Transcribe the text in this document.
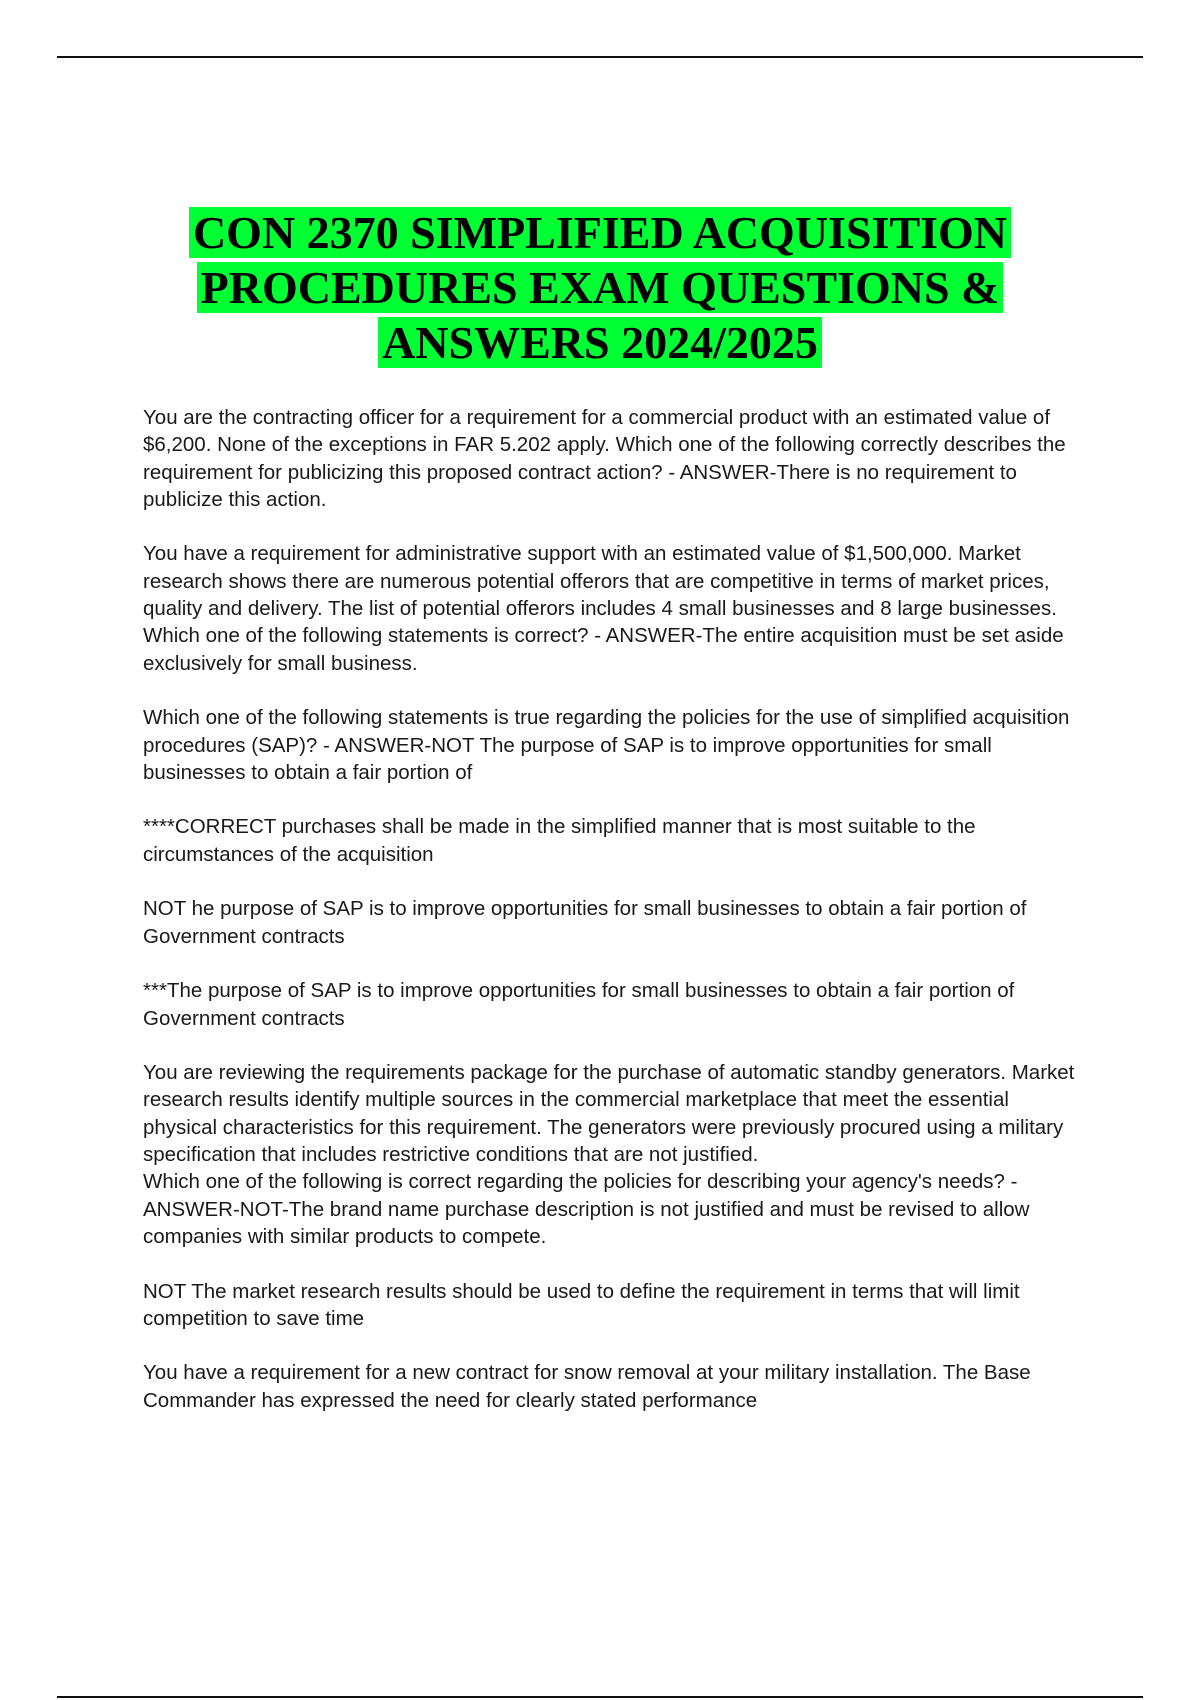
CON 2370 SIMPLIFIED ACQUISITION
PROCEDURES EXAM QUESTIONS &
ANSWERS 2024/2025

You are the contracting officer for a requirement for a commercial product with an estimated value of $6,200. None of the exceptions in FAR 5.202 apply. Which one of the following correctly describes the requirement for publicizing this proposed contract action? - ANSWER-There is no requirement to publicize this action.

You have a requirement for administrative support with an estimated value of $1,500,000. Market research shows there are numerous potential offerors that are competitive in terms of market prices, quality and delivery. The list of potential offerors includes 4 small businesses and 8 large businesses. Which one of the following statements is correct? - ANSWER-The entire acquisition must be set aside exclusively for small business.

Which one of the following statements is true regarding the policies for the use of simplified acquisition procedures (SAP)? - ANSWER-NOT The purpose of SAP is to improve opportunities for small businesses to obtain a fair portion of

****CORRECT purchases shall be made in the simplified manner that is most suitable to the circumstances of the acquisition

NOT he purpose of SAP is to improve opportunities for small businesses to obtain a fair portion of Government contracts

***The purpose of SAP is to improve opportunities for small businesses to obtain a fair portion of Government contracts

You are reviewing the requirements package for the purchase of automatic standby generators. Market research results identify multiple sources in the commercial marketplace that meet the essential physical characteristics for this requirement. The generators were previously procured using a military specification that includes restrictive conditions that are not justified.
Which one of the following is correct regarding the policies for describing your agency's needs? - ANSWER-NOT-The brand name purchase description is not justified and must be revised to allow companies with similar products to compete.

NOT The market research results should be used to define the requirement in terms that will limit competition to save time

You have a requirement for a new contract for snow removal at your military installation. The Base Commander has expressed the need for clearly stated performance
